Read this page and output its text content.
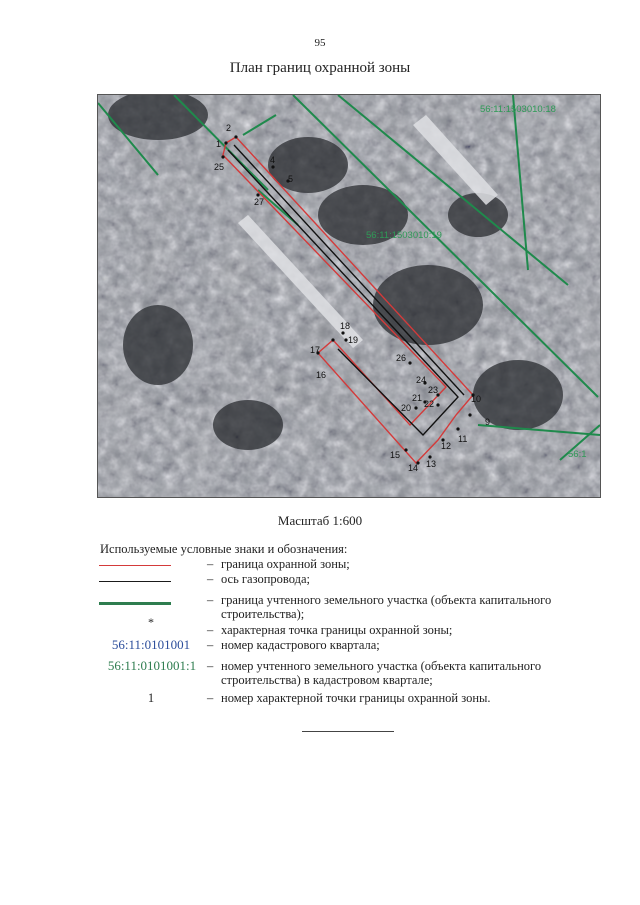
95
План границ охранной зоны
1
2
4
5
25
27
16
17
18
19
26
24
23
21
22
20
10
9
11
12
15
14 13
56:11:1503010:18
56:11:1503010:19
56:1
Масштаб 1:600
Используемые условные знаки и обозначения:
– граница охранной зоны;
– ось газопровода;
– граница учтенного земельного участка (объекта капитального строительства);
*
– характерная точка границы охранной зоны;
56:11:0101001	– номер кадастрового квартала;
56:11:0101001:1 – номер учтенного земельного участка (объекта капитального строительства) в кадастровом квартале;
1	– номер характерной точки границы охранной зоны.
